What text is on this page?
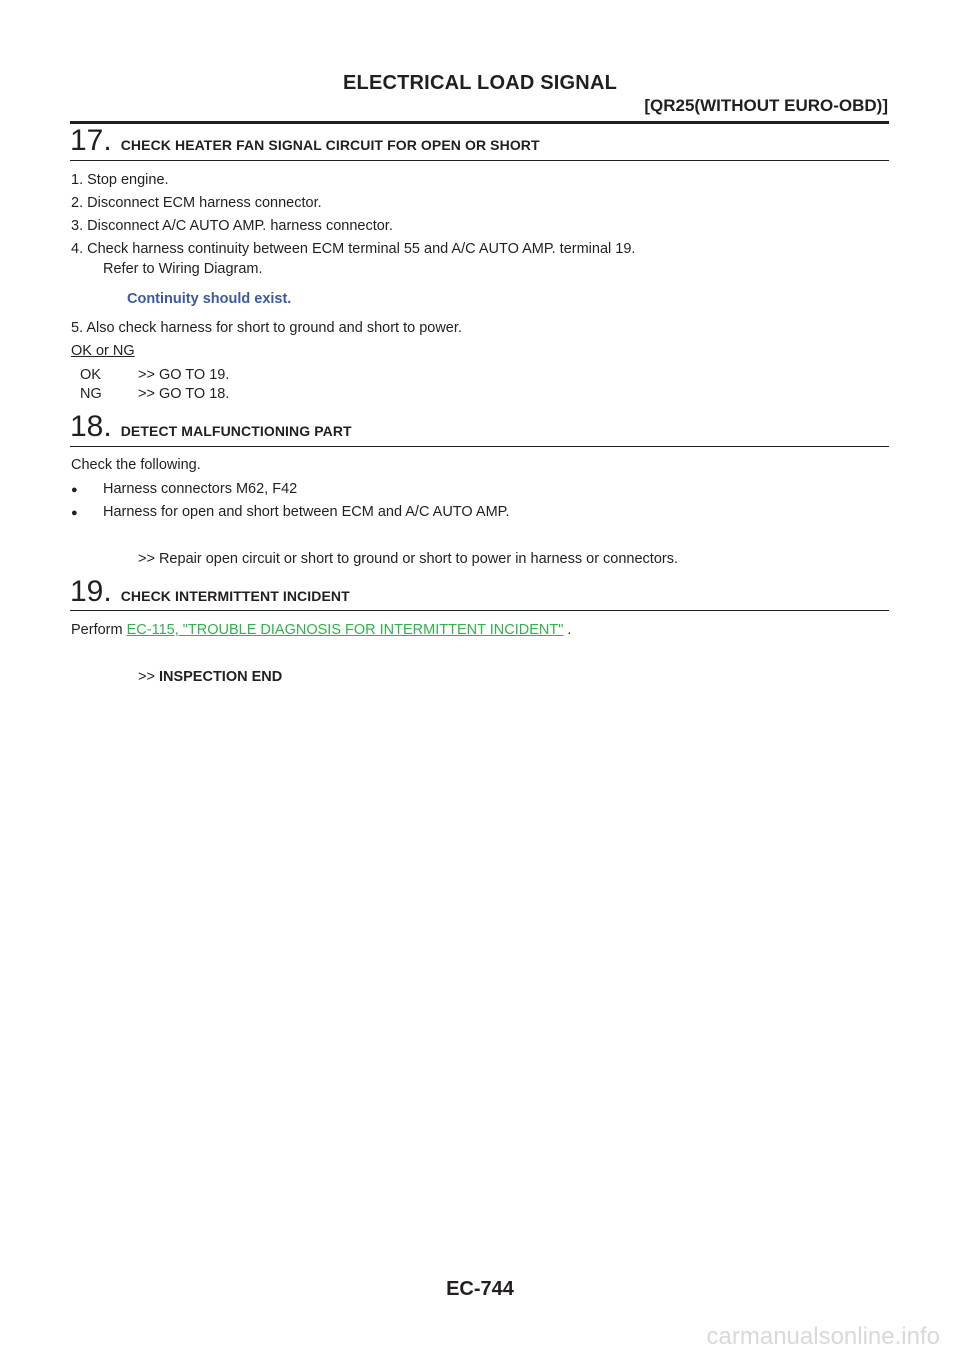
ELECTRICAL LOAD SIGNAL
[QR25(WITHOUT EURO-OBD)]
17. CHECK HEATER FAN SIGNAL CIRCUIT FOR OPEN OR SHORT
1. Stop engine.
2. Disconnect ECM harness connector.
3. Disconnect A/C AUTO AMP. harness connector.
4. Check harness continuity between ECM terminal 55 and A/C AUTO AMP. terminal 19.
Refer to Wiring Diagram.
Continuity should exist.
5. Also check harness for short to ground and short to power.
OK or NG
OK	>> GO TO 19.
NG	>> GO TO 18.
18. DETECT MALFUNCTIONING PART
Check the following.
● Harness connectors M62, F42
● Harness for open and short between ECM and A/C AUTO AMP.
>> Repair open circuit or short to ground or short to power in harness or connectors.
19. CHECK INTERMITTENT INCIDENT
Perform EC-115, "TROUBLE DIAGNOSIS FOR INTERMITTENT INCIDENT" .
>> INSPECTION END
EC-744
carmanualsonline.info
